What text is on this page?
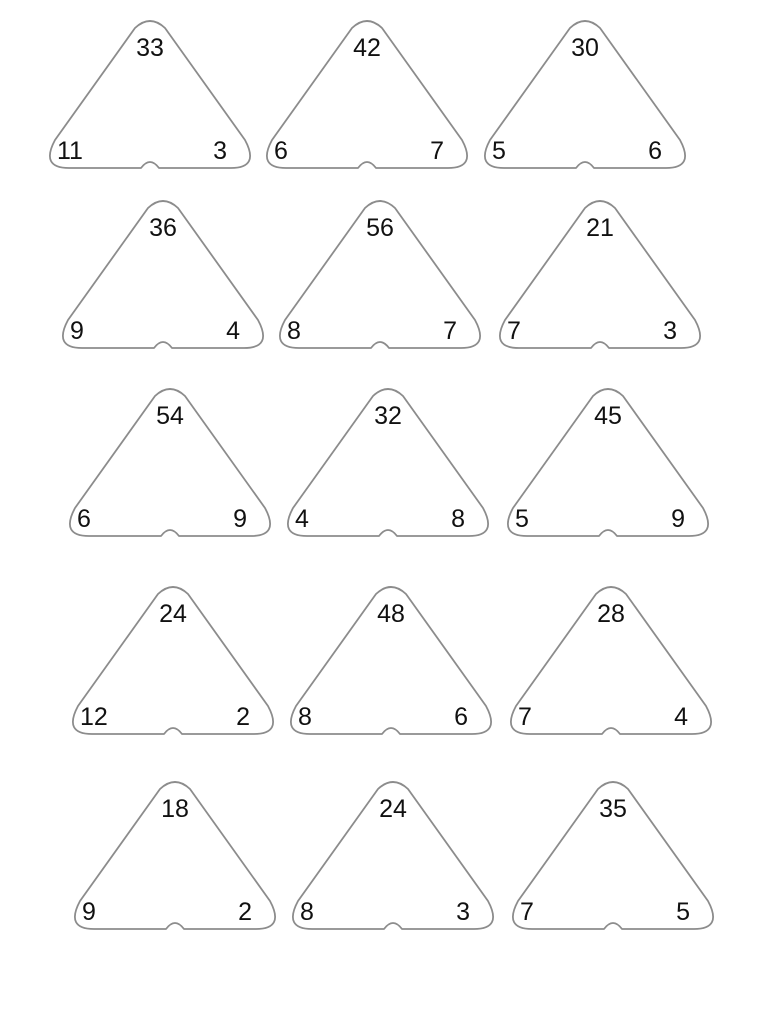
33
11	3
42
6	7
30
5	6
36
9	4
56
8	7
21
7	3
54
6	9
32
4	8
45
5	9
24
12	2
48
8	6
28
7	4
18
9	2
24
8	3
35
7	5
